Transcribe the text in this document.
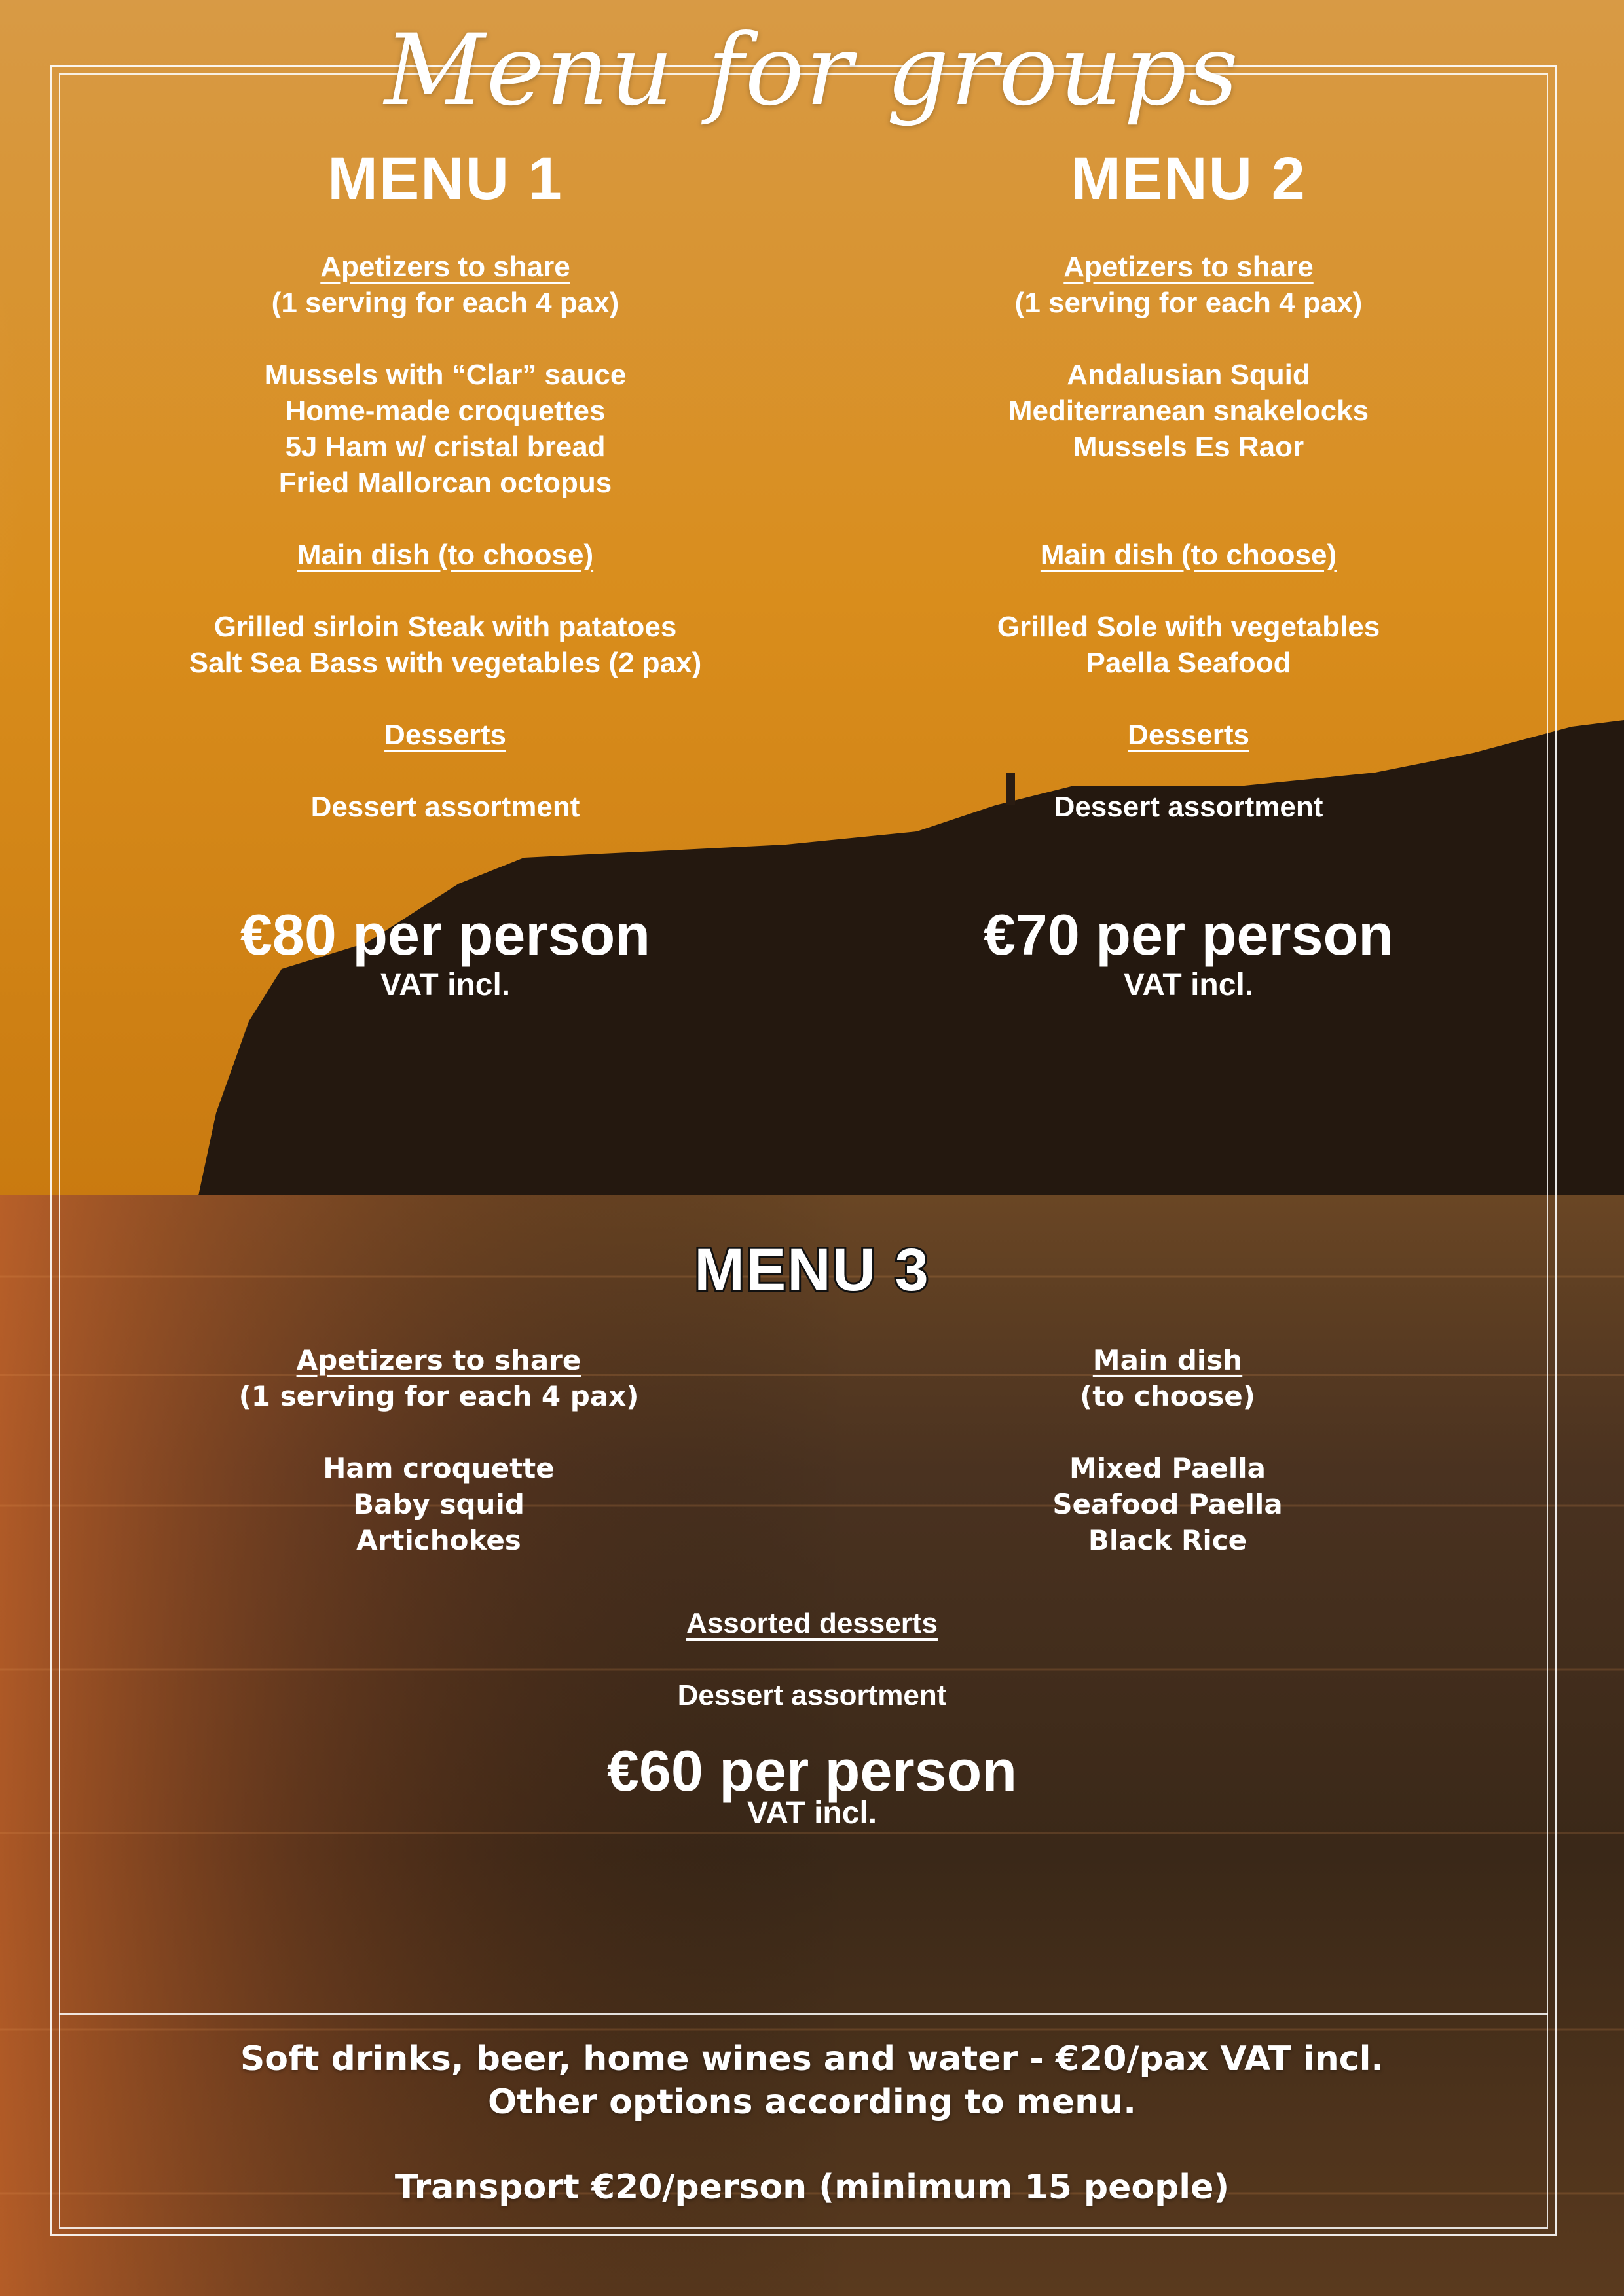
Menu for groups
MENU 1
Apetizers to share
(1 serving for each 4 pax)
Mussels with “Clar” sauce
Home-made croquettes
5J Ham w/ cristal bread
Fried Mallorcan octopus
Main dish (to choose)
Grilled sirloin Steak with patatoes
Salt Sea Bass with vegetables (2 pax)
Desserts
Dessert assortment
€80 per person
VAT incl.
MENU 2
Apetizers to share
(1 serving for each 4 pax)
Andalusian Squid
Mediterranean snakelocks
Mussels Es Raor
Main dish (to choose)
Grilled Sole with vegetables
Paella Seafood
Desserts
Dessert assortment
€70 per person
VAT incl.
MENU 3
Apetizers to share
(1 serving for each 4 pax)
Ham croquette
Baby squid
Artichokes
Main dish
(to choose)
Mixed Paella
Seafood Paella
Black Rice
Assorted desserts
Dessert assortment
€60 per person
VAT incl.
Soft drinks, beer, home wines and water - €20/pax VAT incl.
Other options according to menu.
Transport €20/person (minimum 15 people)
